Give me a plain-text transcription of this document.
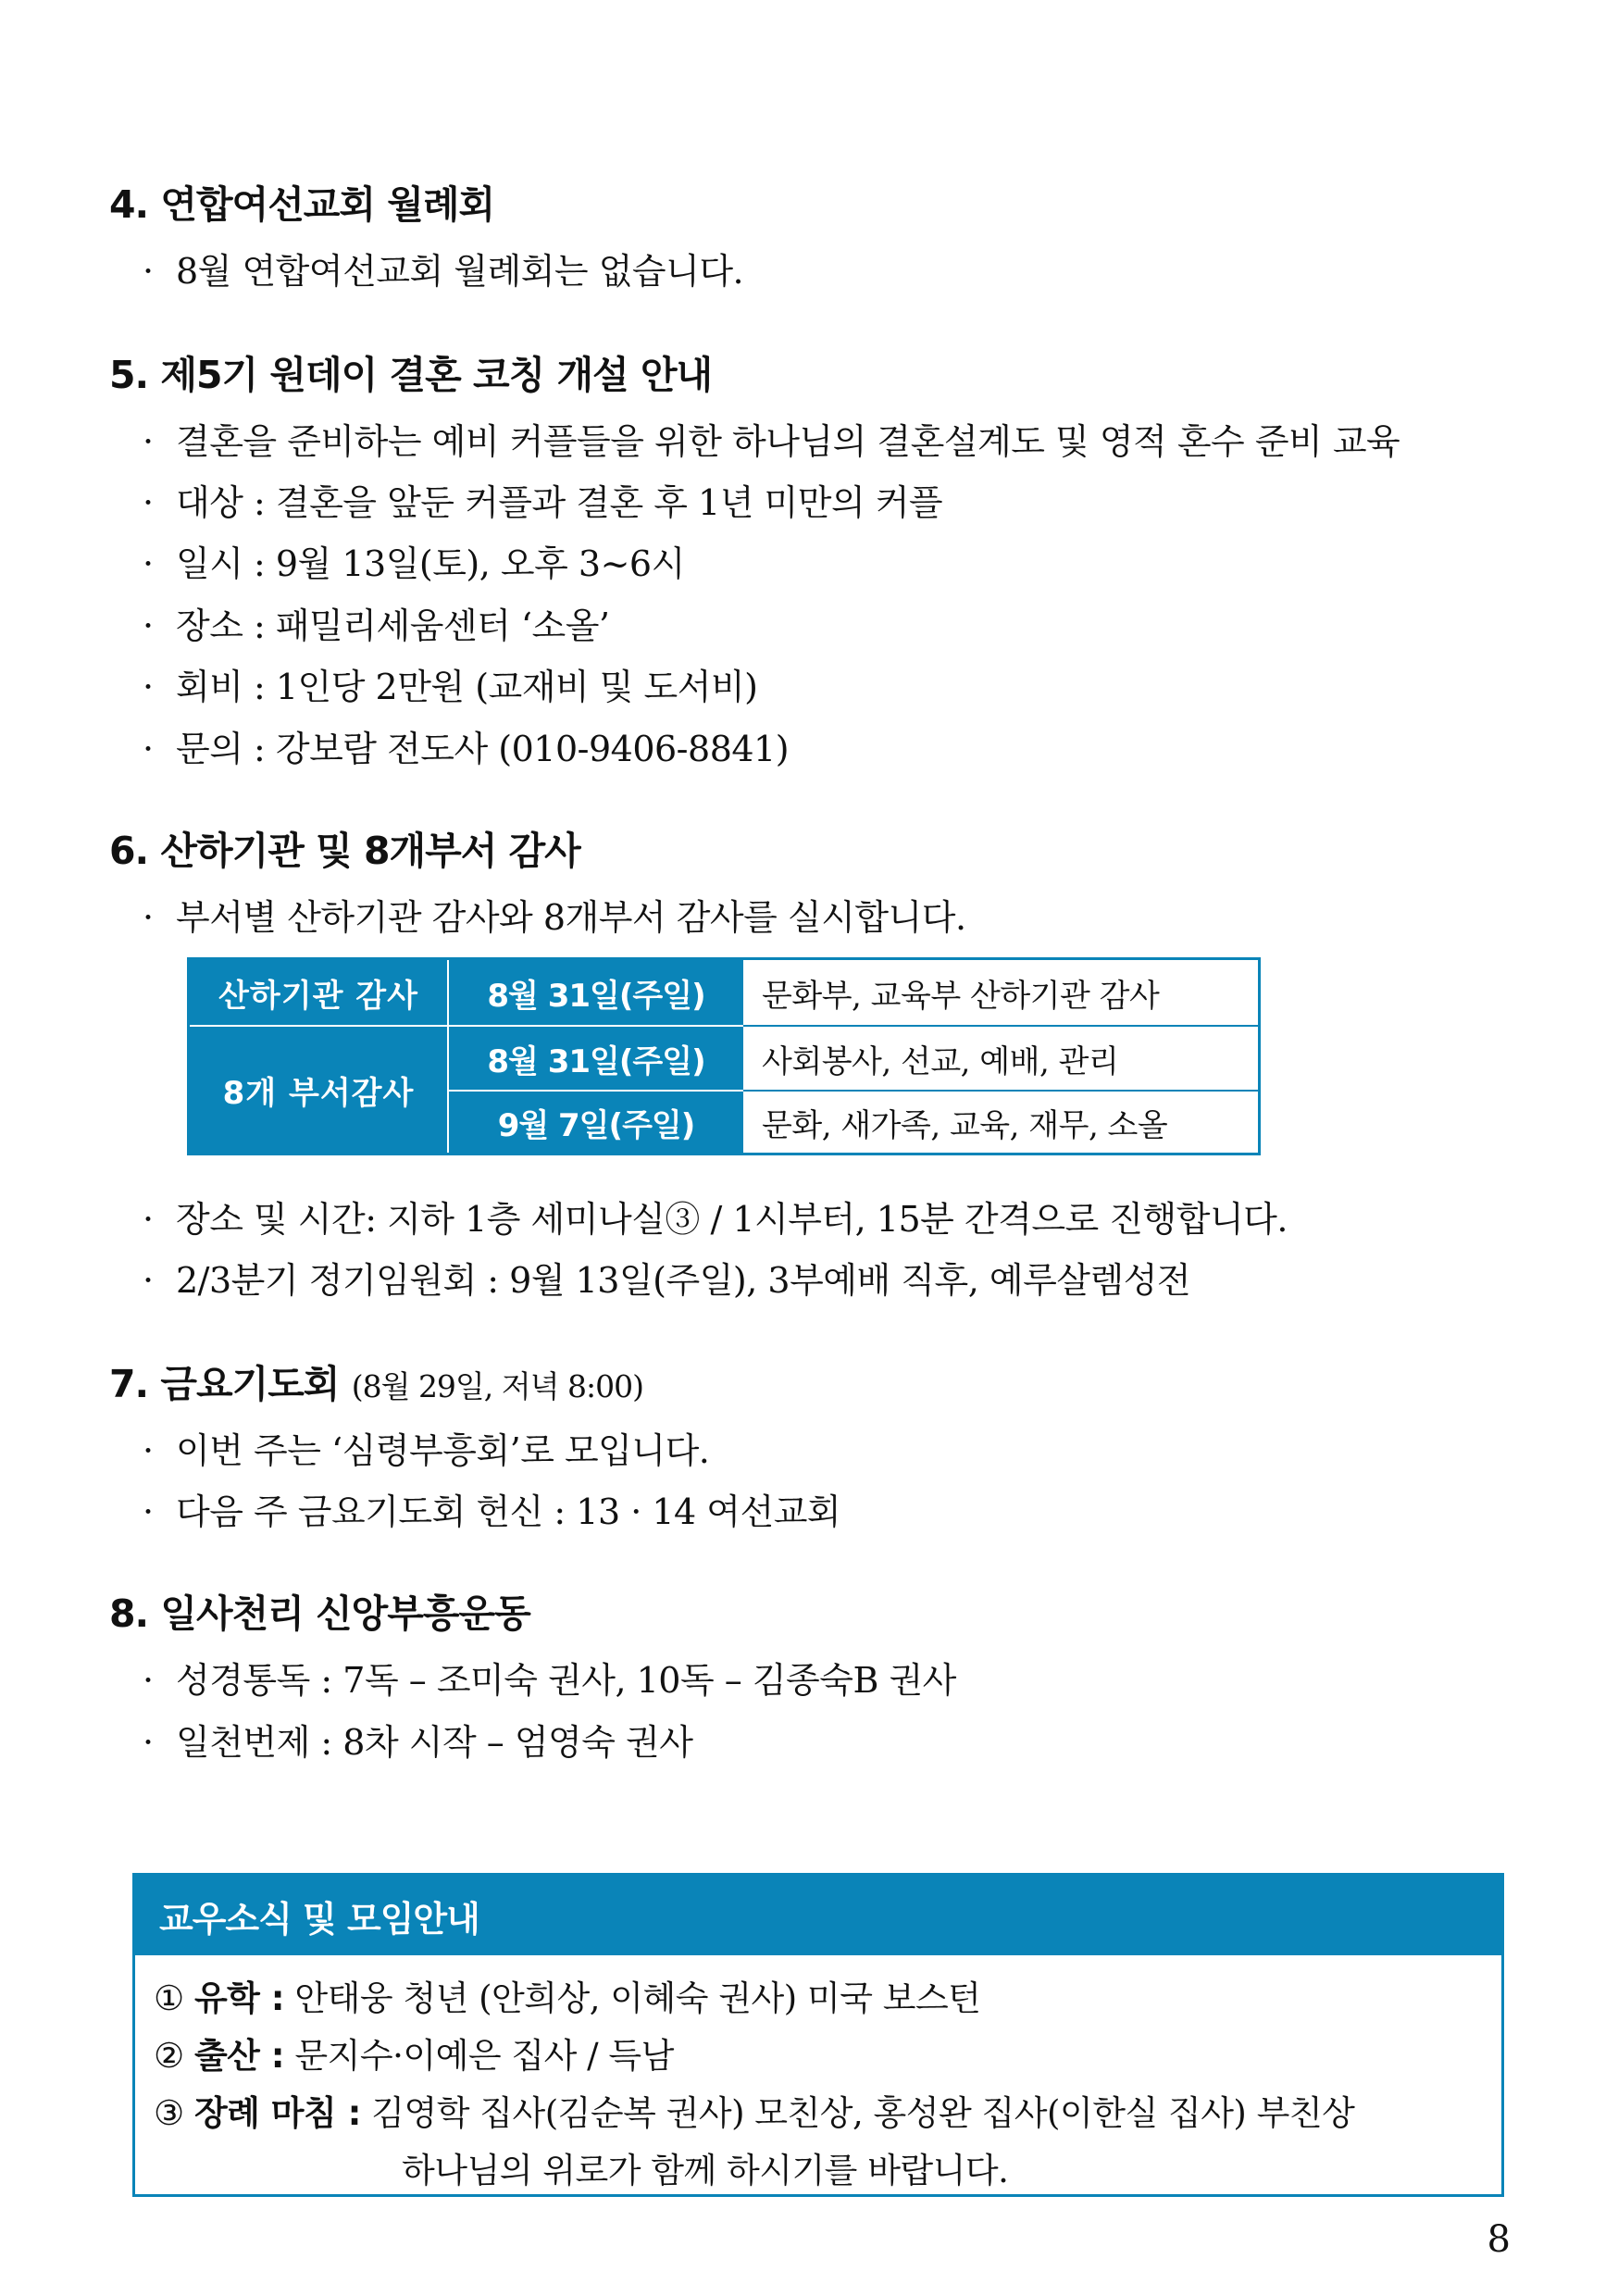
4. 연합여선교회 월례회
· 8월 연합여선교회 월례회는 없습니다.
5. 제5기 원데이 결혼 코칭 개설 안내
· 결혼을 준비하는 예비 커플들을 위한 하나님의 결혼설계도 및 영적 혼수 준비 교육
· 대상 : 결혼을 앞둔 커플과 결혼 후 1년 미만의 커플
· 일시 : 9월 13일(토), 오후 3~6시
· 장소 : 패밀리세움센터 ‘소올’
· 회비 : 1인당 2만원 (교재비 및 도서비)
· 문의 : 강보람 전도사 (010-9406-8841)
6. 산하기관 및 8개부서 감사
· 부서별 산하기관 감사와 8개부서 감사를 실시합니다.
산하기관 감사
8개 부서감사
8월 31일(주일)
8월 31일(주일)
9월 7일(주일)
문화부, 교육부 산하기관 감사
사회봉사, 선교, 예배, 관리
문화, 새가족, 교육, 재무, 소올
· 장소 및 시간: 지하 1층 세미나실③ / 1시부터, 15분 간격으로 진행합니다.
· 2/3분기 정기임원회 : 9월 13일(주일), 3부예배 직후, 예루살렘성전
7. 금요기도회 (8월 29일, 저녁 8:00)
· 이번 주는 ‘심령부흥회’로 모입니다.
· 다음 주 금요기도회 헌신 : 13 · 14 여선교회
8. 일사천리 신앙부흥운동
· 성경통독 : 7독 – 조미숙 권사, 10독 – 김종숙B 권사
· 일천번제 : 8차 시작 – 엄영숙 권사
교우소식 및 모임안내
① 유학 : 안태웅 청년 (안희상, 이혜숙 권사) 미국 보스턴
② 출산 : 문지수·이예은 집사 / 득남
③ 장례 마침 : 김영학 집사(김순복 권사) 모친상, 홍성완 집사(이한실 집사) 부친상
하나님의 위로가 함께 하시기를 바랍니다.
8
